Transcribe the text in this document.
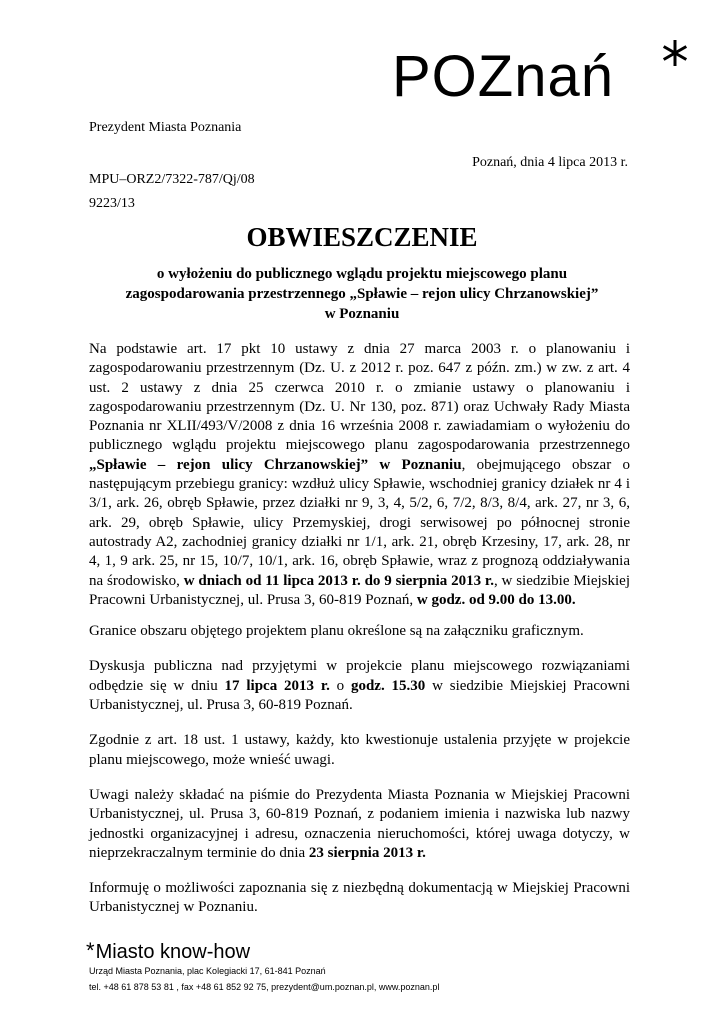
POZnań
Prezydent Miasta Poznania
Poznań, dnia 4 lipca 2013 r.
MPU–ORZ2/7322-787/Qj/08
9223/13
OBWIESZCZENIE
o wyłożeniu do publicznego wglądu projektu miejscowego planu
zagospodarowania przestrzennego „Spławie – rejon ulicy Chrzanowskiej”
w Poznaniu

Na podstawie art. 17 pkt 10 ustawy z dnia 27 marca 2003 r. o planowaniu i zagospodarowaniu przestrzennym (Dz. U. z 2012 r. poz. 647 z późn. zm.) w zw. z art. 4 ust. 2 ustawy z dnia 25 czerwca 2010 r. o zmianie ustawy o planowaniu i zagospodarowaniu przestrzennym (Dz. U. Nr 130, poz. 871) oraz Uchwały Rady Miasta Poznania nr XLII/493/V/2008 z dnia 16 września 2008 r. zawiadamiam o wyłożeniu do publicznego wglądu projektu miejscowego planu zagospodarowania przestrzennego „Spławie – rejon ulicy Chrzanowskiej” w Poznaniu, obejmującego obszar o następującym przebiegu granicy: wzdłuż ulicy Spławie, wschodniej granicy działek nr 4 i 3/1, ark. 26, obręb Spławie, przez działki nr 9, 3, 4, 5/2, 6, 7/2, 8/3, 8/4, ark. 27, nr 3, 6, ark. 29, obręb Spławie, ulicy Przemyskiej, drogi serwisowej po północnej stronie autostrady A2, zachodniej granicy działki nr 1/1, ark. 21, obręb Krzesiny, 17, ark. 28, nr 4, 1, 9 ark. 25, nr 15, 10/7, 10/1, ark. 16, obręb Spławie, wraz z prognozą oddziaływania na środowisko, w dniach od 11 lipca 2013 r. do 9 sierpnia 2013 r., w siedzibie Miejskiej Pracowni Urbanistycznej, ul. Prusa 3, 60-819 Poznań, w godz. od 9.00 do 13.00.

Granice obszaru objętego projektem planu określone są na załączniku graficznym.

Dyskusja publiczna nad przyjętymi w projekcie planu miejscowego rozwiązaniami odbędzie się w dniu 17 lipca 2013 r. o godz. 15.30 w siedzibie Miejskiej Pracowni Urbanistycznej, ul. Prusa 3, 60-819 Poznań.

Zgodnie z art. 18 ust. 1 ustawy, każdy, kto kwestionuje ustalenia przyjęte w projekcie planu miejscowego, może wnieść uwagi.

Uwagi należy składać na piśmie do Prezydenta Miasta Poznania w Miejskiej Pracowni Urbanistycznej, ul. Prusa 3, 60-819 Poznań, z podaniem imienia i nazwiska lub nazwy jednostki organizacyjnej i adresu, oznaczenia nieruchomości, której uwaga dotyczy, w nieprzekraczalnym terminie do dnia 23 sierpnia 2013 r.

Informuję o możliwości zapoznania się z niezbędną dokumentacją w Miejskiej Pracowni Urbanistycznej w Poznaniu.

*Miasto know-how
Urząd Miasta Poznania, plac Kolegiacki 17, 61-841 Poznań
tel. +48 61 878 53 81 , fax +48 61 852 92 75, prezydent@um.poznan.pl, www.poznan.pl
